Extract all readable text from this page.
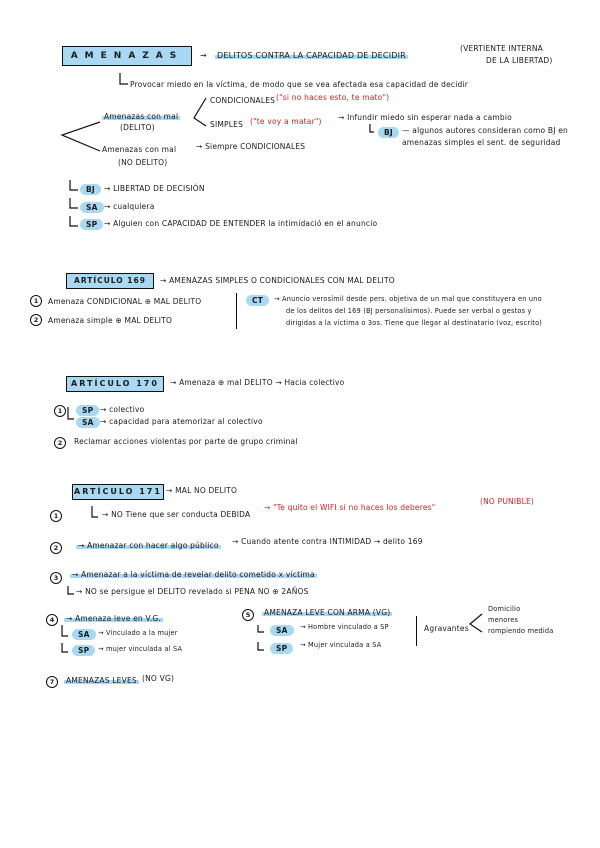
AMENAZAS	→ DELITOS CONTRA LA CAPACIDAD DE DECIDIR
(VERTIENTE INTERNA
DE LA LIBERTAD)
Provocar miedo en la víctima, de modo que se vea afectada esa capacidad de decidir
Amenazas con mal
(DELITO)
CONDICIONALES ("si no haces esto, te mato")
SIMPLES ("te voy a matar") → Infundir miedo sin esperar nada a cambio
BJ	— algunos autores consideran como BJ en
amenazas simples el sent. de seguridad
Amenazas con mal
(NO DELITO)
→ Siempre CONDICIONALES
BJ	→ LIBERTAD DE DECISIÓN
SA → cualquiera
SP → Alguien con CAPACIDAD DE ENTENDER la intimidació en el anuncio
ARTÍCULO 169	→ AMENAZAS SIMPLES O CONDICIONALES CON MAL DELITO
1	Amenaza CONDICIONAL ⊕ MAL DELITO
2	Amenaza simple ⊕ MAL DELITO
CT	→ Anuncio verosímil desde pers. objetiva de un mal que constituyera en uno
de los delitos del 169 (BJ personalísimos). Puede ser verbal o gestos y
dirigidas a la víctima o 3os. Tiene que llegar al destinatario (voz, escrito)
ARTÍCULO 170	→ Amenaza ⊕ mal DELITO → Hacia colectivo
1	SP → colectivo
SA → capacidad para atemorizar al colectivo
2	Reclamar acciones violentas por parte de grupo criminal
ARTÍCULO 171 → MAL NO DELITO
1	→ NO Tiene que ser conducta DEBIDA
→ "Te quito el WIFI si no haces los deberes"
(NO PUNIBLE)
2	→ Amenazar con hacer algo público → Cuando atente contra INTIMIDAD → delito 169
3	→ Amenazar a la víctima de revelar delito cometido x víctima
→ NO se persigue el DELITO revelado si PENA NO ⊕ 2AÑOS
4	→ Amenaza leve en V.G.
SA	→ Vinculado a la mujer
SP	→ mujer vinculada al SA
5	AMENAZA LEVE CON ARMA (VG)
SA	→ Hombre vinculado a SP
SP	→ Mujer vinculada a SA
Agravantes
Domicilio
menores
rompiendo medida
7	AMENAZAS LEVES (NO VG)
